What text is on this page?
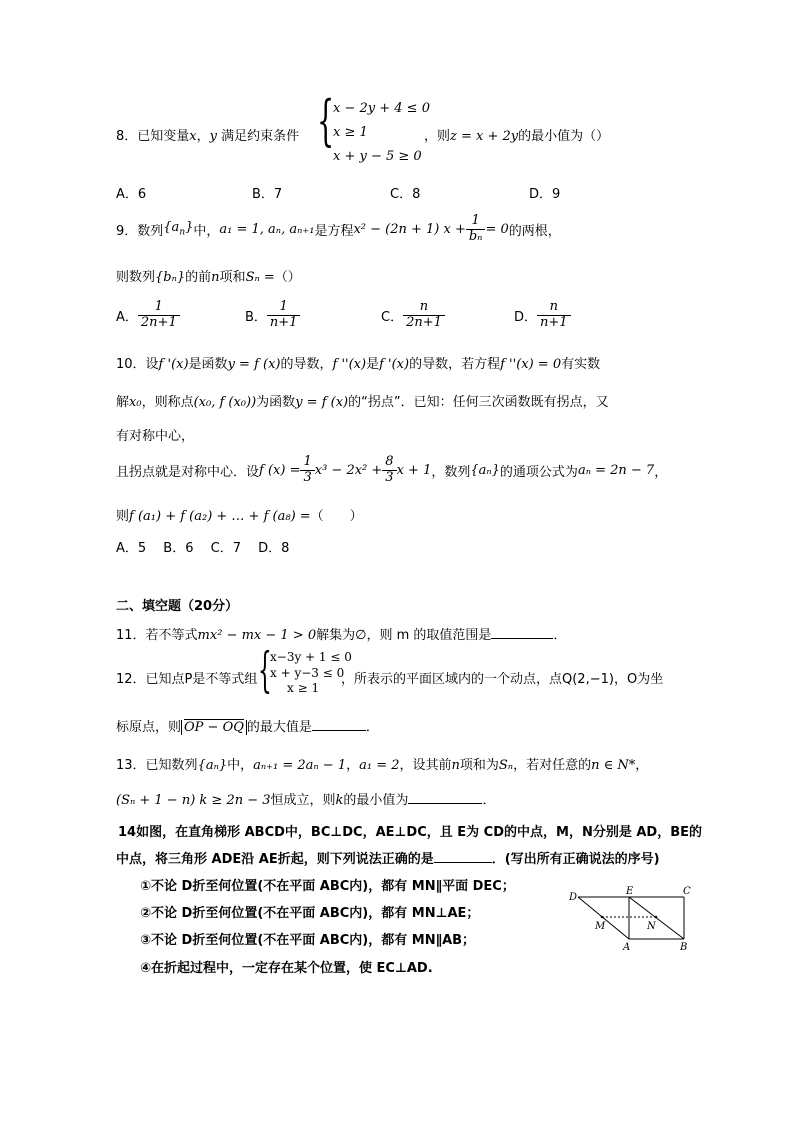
8．已知变量x，y 满足约束条件 {
x − 2y + 4 ≤ 0
x ≥ 1
x + y − 5 ≥ 0
，则z = x + 2y的最小值为（）
A．6	B．7	C．8	D．9
9．数列 $\{a_n\}$ 中， a₁ = 1, aₙ, aₙ₊₁ 是方程 x² − (2n + 1) $x + \frac{1}{\text{bₙ}} = 0$ 的两根，
则数列{bₙ}的前n项和Sₙ =（）
A． $\frac{1}{2n+1}$	B． $\frac{1}{n+1}$	C． $\frac{n}{2n+1}$	D． $\frac{n}{n+1}$
10．设f '(x)是函数y = f (x)的导数，f ''(x)是f '(x)的导数，若方程f ''(x) = 0有实数
解x₀，则称点(x₀, f (x₀))为函数y = f (x)的“拐点”．已知：任何三次函数既有拐点，又
有对称中心，
且拐点就是对称中心．设 f $(x) = \frac{1}{3} x^3 - 2x^2 + \frac{8}{3}$ x + 1 ，数列 {aₙ} 的通项公式为 aₙ = 2n − 7 ，
则f (a₁) + f (a₂) + … + f (a₈) =（　　）
A．5　 B．6　 C．7　 D．8
二、填空题（20分）
11．若不等式mx² − mx − 1 > 0解集为∅，则 m 的取值范围是	．
12．已知点P是不等式组 {
x−3y + 1 ≤ 0
x + y−3 ≤ 0
x ≥ 1
，所表示的平面区域内的一个动点，点Q(2,−1)，O为坐
标原点，则 OP − OQ 的最大值是	．
13．已知数列{aₙ}中，aₙ₊₁ = 2aₙ − 1，a₁ = 2，设其前n项和为Sₙ，若对任意的n ∈ N*，
(Sₙ + 1 − n) k ≥ 2n − 3恒成立，则k的最小值为	．
14如图，在直角梯形 ABCD中，BC⊥DC，AE⊥DC，且 E为 CD的中点，M，N分别是 AD，BE的
中点，将三角形 ADE沿 AE折起，则下列说法正确的是	．(写出所有正确说法的序号)
①不论 D折至何位置(不在平面 ABC内)，都有 MN∥平面 DEC；
②不论 D折至何位置(不在平面 ABC内)，都有 MN⊥AE；
③不论 D折至何位置(不在平面 ABC内)，都有 MN∥AB；
④在折起过程中，一定存在某个位置，使 EC⊥AD.
D
E	C
M	N
A	B
